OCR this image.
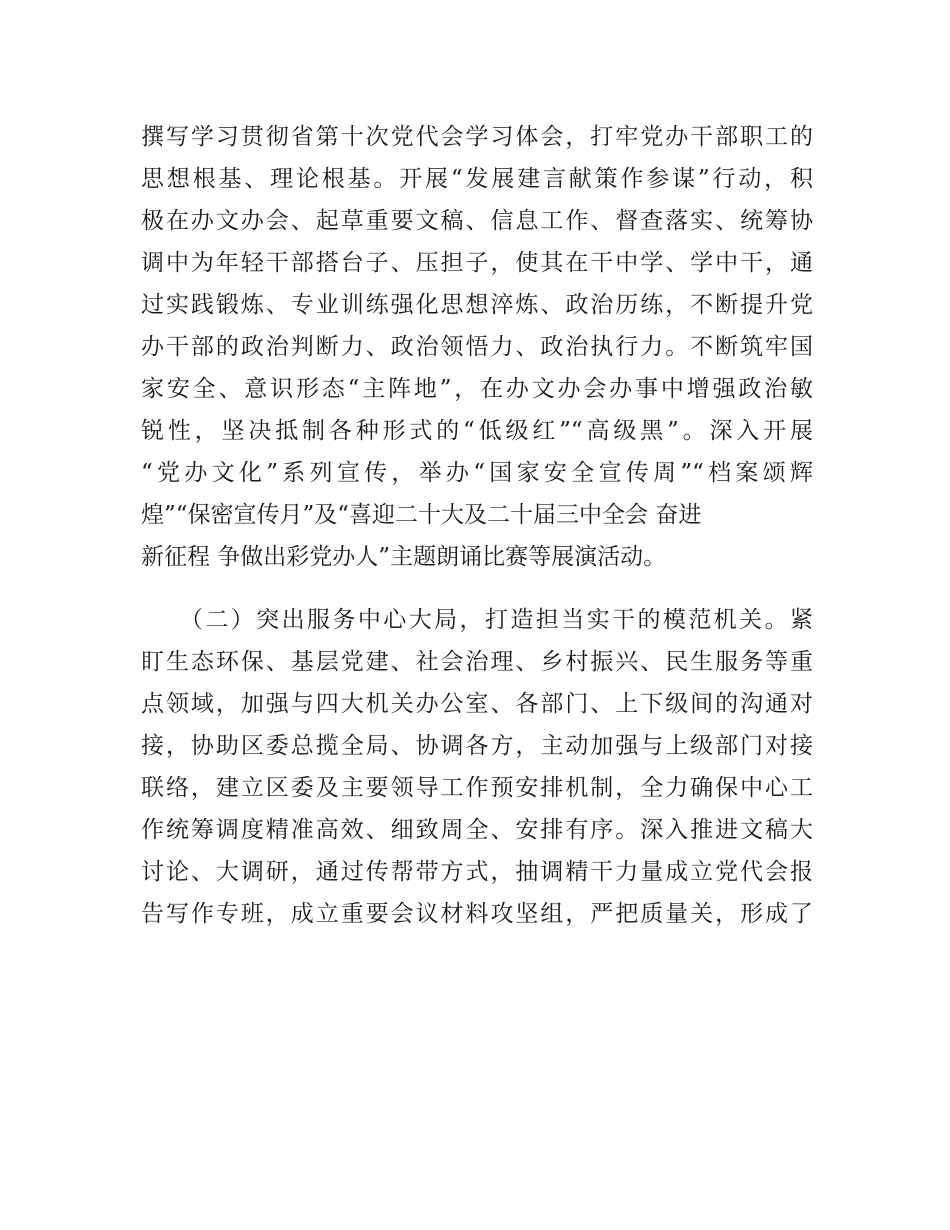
撰写学习贯彻省第十次党代会学习体会，打牢党办干部职工的
思想根基、理论根基。开展“发展建言献策作参谋”行动，积
极在办文办会、起草重要文稿、信息工作、督查落实、统筹协
调中为年轻干部搭台子、压担子，使其在干中学、学中干，通
过实践锻炼、专业训练强化思想淬炼、政治历练，不断提升党
办干部的政治判断力、政治领悟力、政治执行力。不断筑牢国
家安全、意识形态“主阵地”，在办文办会办事中增强政治敏
锐性，坚决抵制各种形式的“低级红”“高级黑”。深入开展
“党办文化”系列宣传，举办“国家安全宣传周”“档案颂辉
煌”“保密宣传月”及“喜迎二十大及二十届三中全会 奋进
新征程 争做出彩党办人”主题朗诵比赛等展演活动。
（二）突出服务中心大局，打造担当实干的模范机关。紧
盯生态环保、基层党建、社会治理、乡村振兴、民生服务等重
点领域，加强与四大机关办公室、各部门、上下级间的沟通对
接，协助区委总揽全局、协调各方，主动加强与上级部门对接
联络，建立区委及主要领导工作预安排机制，全力确保中心工
作统筹调度精准高效、细致周全、安排有序。深入推进文稿大
讨论、大调研，通过传帮带方式，抽调精干力量成立党代会报
告写作专班，成立重要会议材料攻坚组，严把质量关，形成了
